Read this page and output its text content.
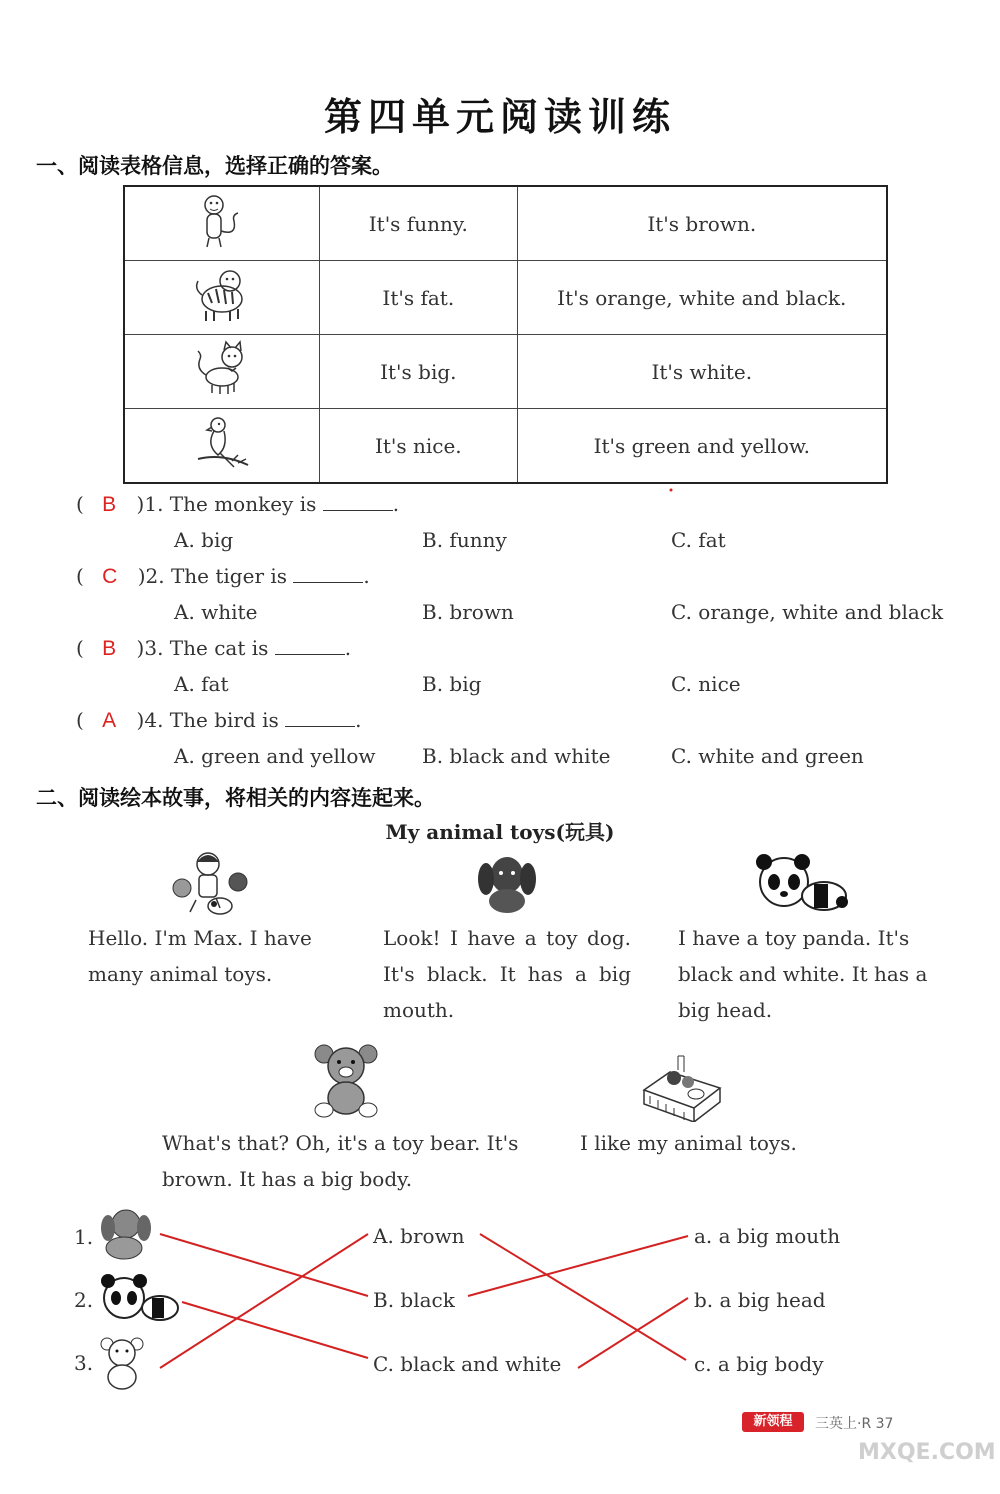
第四单元阅读训练
一、阅读表格信息，选择正确的答案。
	It's funny.	It's brown.
	It's fat.	It's orange, white and black.
	It's big.	It's white.
	It's nice.	It's green and yellow.
( B )1. The monkey is	.
A. big	B. funny	C. fat
( C )2. The tiger is	.
A. white	B. brown	C. orange, white and black
( B )3. The cat is	.
A. fat	B. big	C. nice
( A )4. The bird is	.
A. green and yellow B. black and white	C. white and green
二、阅读绘本故事，将相关的内容连起来。
My animal toys(玩具)
Hello. I'm Max. I have many animal toys.
Look! I have a toy dog. It's black. It has a big mouth.
I have a toy panda. It's black and white. It has a big head.
What's that? Oh, it's a toy bear. It's brown. It has a big body.
I like my animal toys.
1.
2.
3.
A. brown
B. black
C. black and white
a. a big mouth
b. a big head
c. a big body
新领程	三英上·R 37
MXQE.COM
